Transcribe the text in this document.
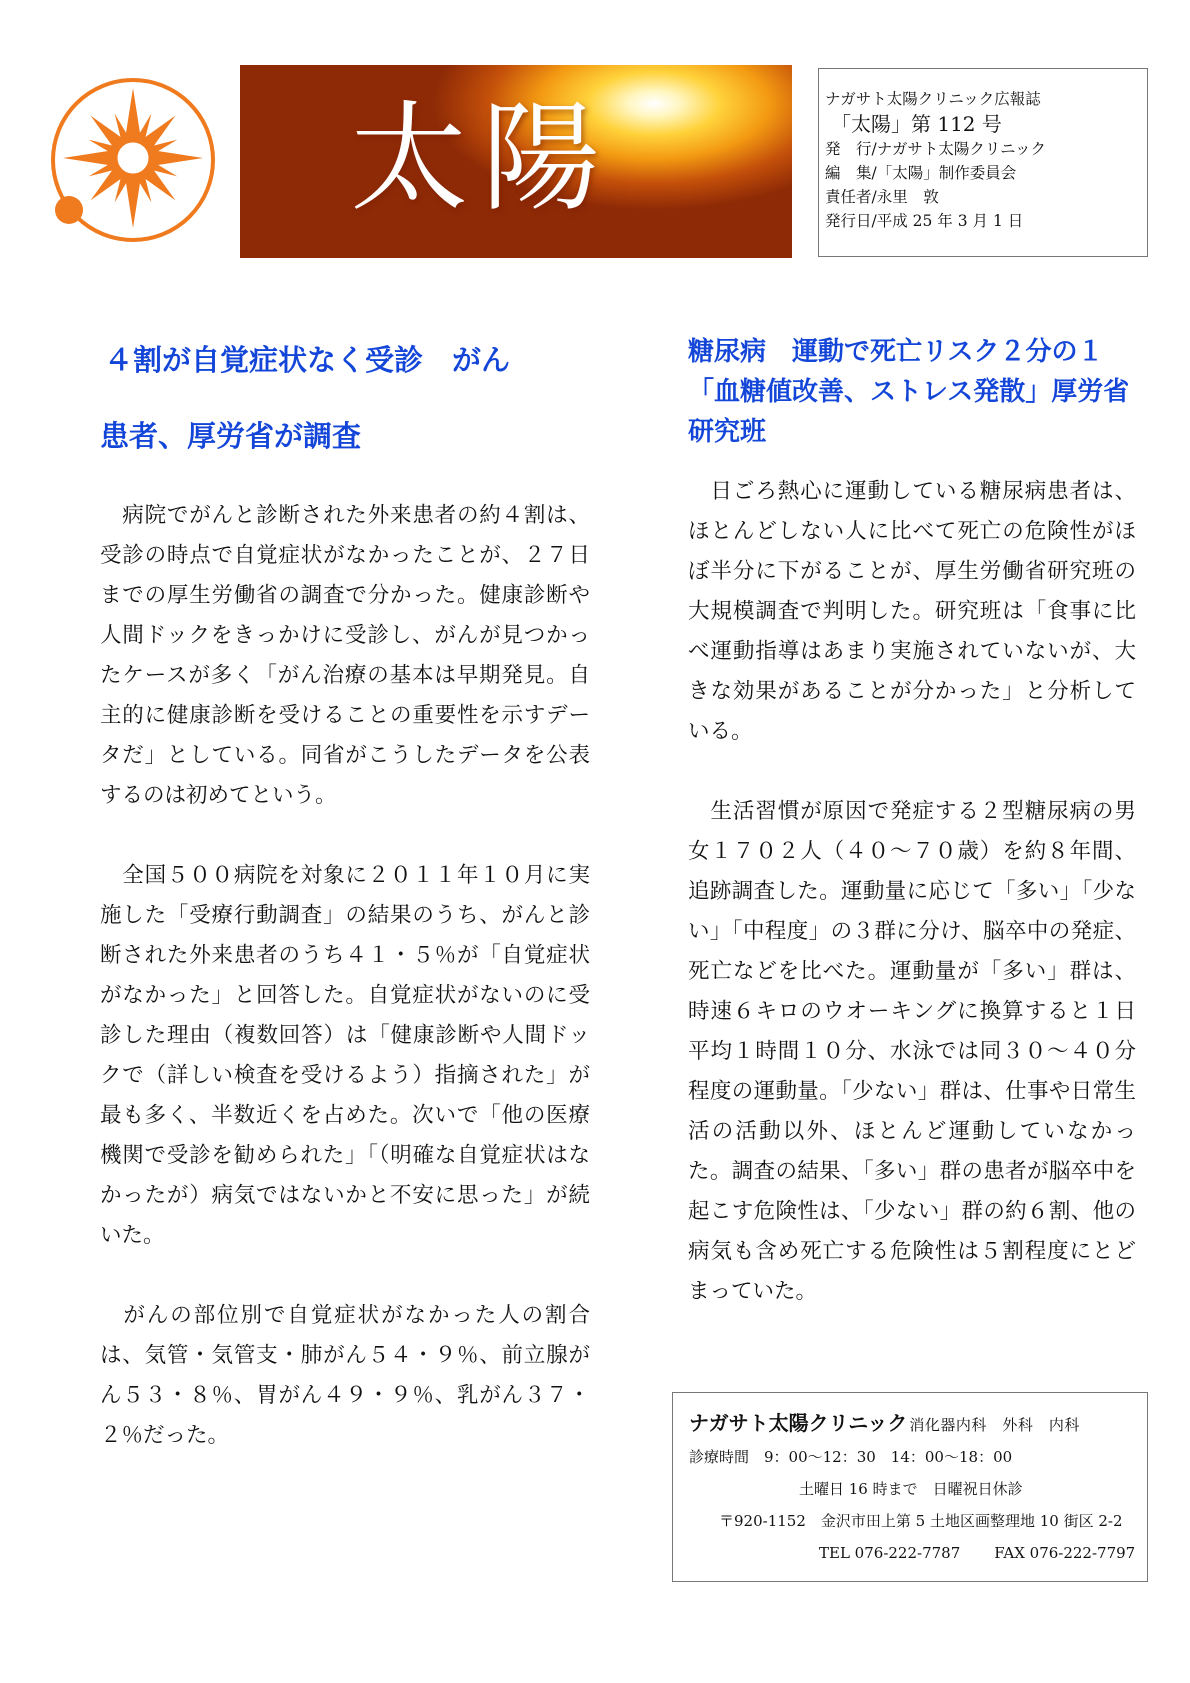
太陽	ナガサト太陽クリニック広報誌
「太陽」第 112 号
発　行/ナガサト太陽クリニック
編　集/「太陽」制作委員会
責任者/永里　敦
発行日/平成 25 年 3 月 1 日
４割が自覚症状なく受診　がん
患者、厚労省が調査

　病院でがんと診断された外来患者の約４割は、受診の時点で自覚症状がなかったことが、２７日までの厚生労働省の調査で分かった。健康診断や人間ドックをきっかけに受診し、がんが見つかったケースが多く「がん治療の基本は早期発見。自主的に健康診断を受けることの重要性を示すデータだ」としている。同省がこうしたデータを公表するのは初めてという。

　全国５００病院を対象に２０１１年１０月に実施した「受療行動調査」の結果のうち、がんと診断された外来患者のうち４１・５％が「自覚症状がなかった」と回答した。自覚症状がないのに受診した理由（複数回答）は「健康診断や人間ドックで（詳しい検査を受けるよう）指摘された」が最も多く、半数近くを占めた。次いで「他の医療機関で受診を勧められた」「（明確な自覚症状はなかったが）病気ではないかと不安に思った」が続いた。

　がんの部位別で自覚症状がなかった人の割合は、気管・気管支・肺がん５４・９％、前立腺がん５３・８％、胃がん４９・９％、乳がん３７・２％だった。

糖尿病　運動で死亡リスク２分の１「血糖値改善、ストレス発散」厚労省研究班

　日ごろ熱心に運動している糖尿病患者は、ほとんどしない人に比べて死亡の危険性がほぼ半分に下がることが、厚生労働省研究班の大規模調査で判明した。研究班は「食事に比べ運動指導はあまり実施されていないが、大きな効果があることが分かった」と分析している。

　生活習慣が原因で発症する２型糖尿病の男女１７０２人（４０～７０歳）を約８年間、追跡調査した。運動量に応じて「多い」「少ない」「中程度」の３群に分け、脳卒中の発症、死亡などを比べた。運動量が「多い」群は、時速６キロのウオーキングに換算すると１日平均１時間１０分、水泳では同３０～４０分程度の運動量。「少ない」群は、仕事や日常生活の活動以外、ほとんど運動していなかった。調査の結果、「多い」群の患者が脳卒中を起こす危険性は、「少ない」群の約６割、他の病気も含め死亡する危険性は５割程度にとどまっていた。

ナガサト太陽クリニック 消化器内科　外科　内科
診療時間　9：00～12：30　14：00～18：00
土曜日 16 時まで　日曜祝日休診
〒920-1152　金沢市田上第 5 土地区画整理地 10 街区 2-2
TEL 076-222-7787 FAX 076-222-7797
